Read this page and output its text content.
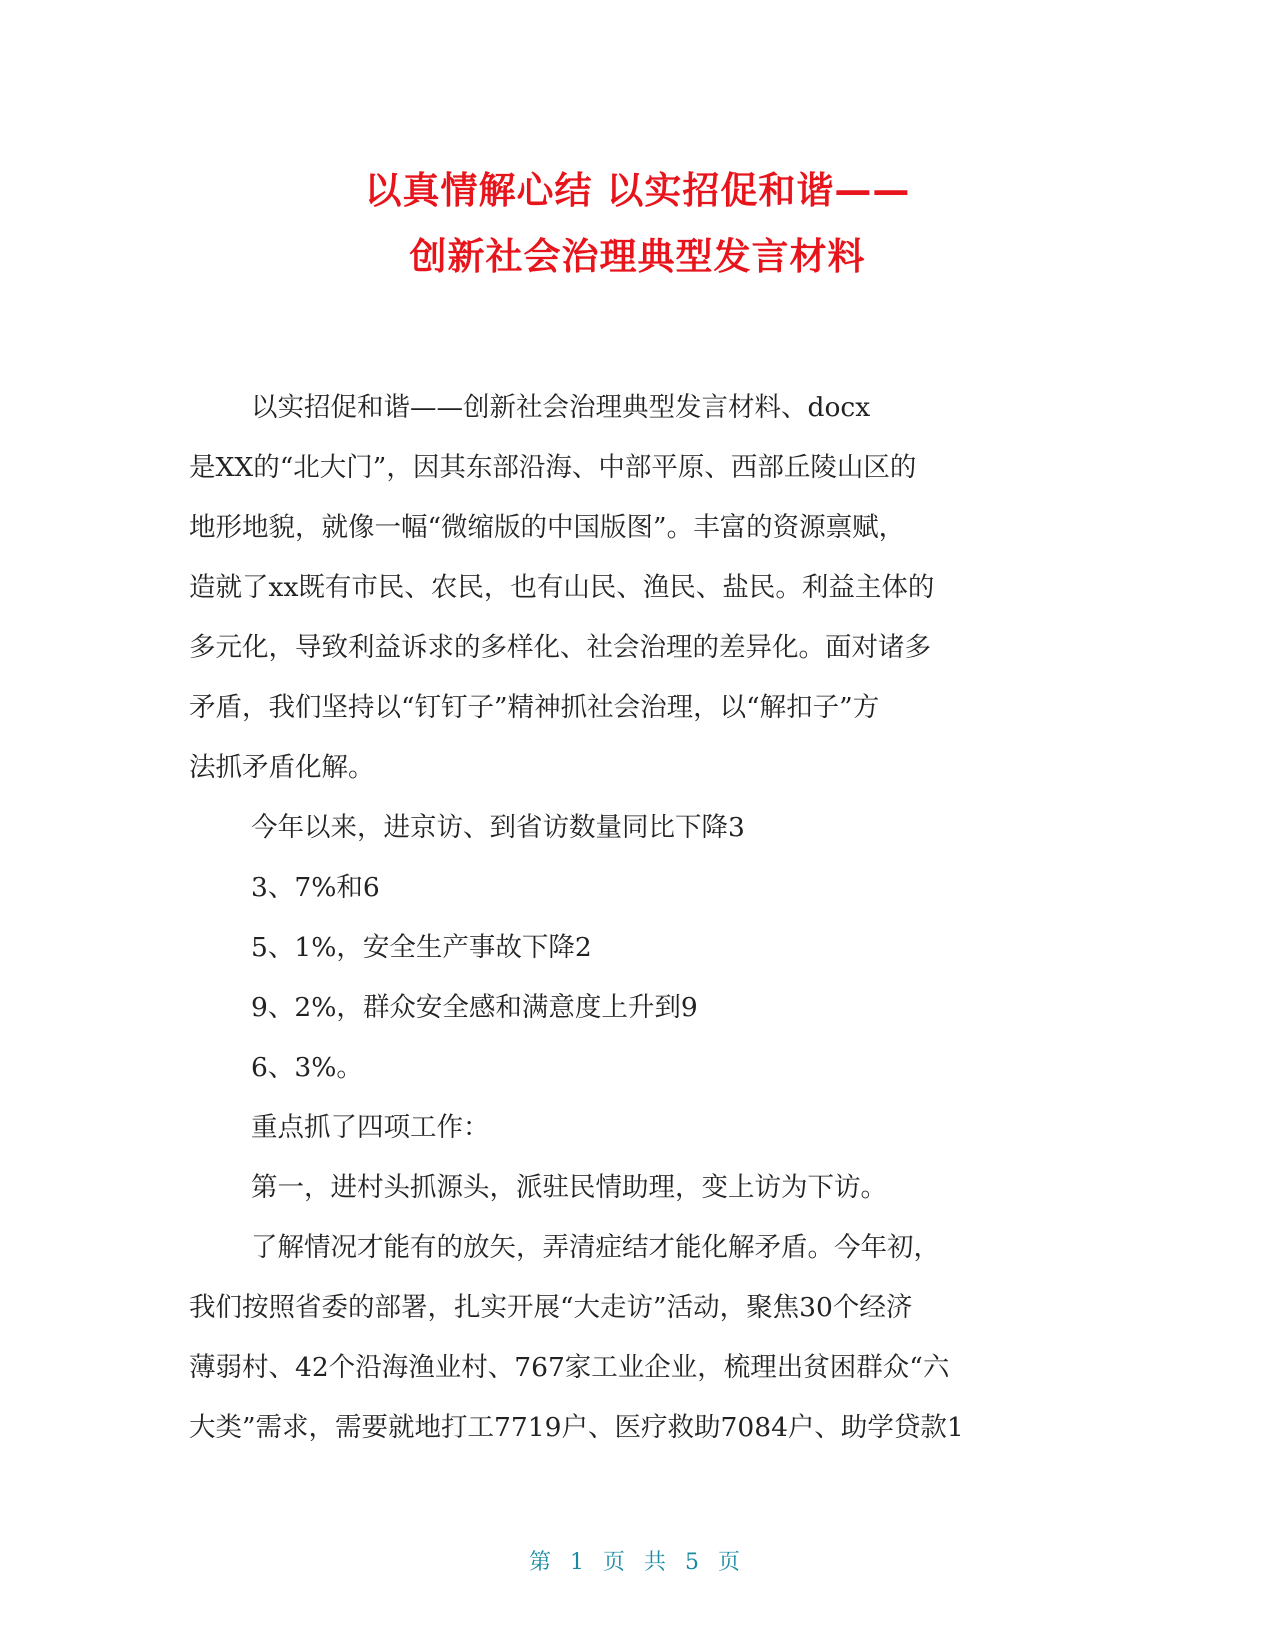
以真情解心结 以实招促和谐——
创新社会治理典型发言材料

以实招促和谐——创新社会治理典型发言材料、docx
是XX的“北大门”，因其东部沿海、中部平原、西部丘陵山区的
地形地貌，就像一幅“微缩版的中国版图”。丰富的资源禀赋，
造就了xx既有市民、农民，也有山民、渔民、盐民。利益主体的
多元化，导致利益诉求的多样化、社会治理的差异化。面对诸多
矛盾，我们坚持以“钉钉子”精神抓社会治理，以“解扣子”方
法抓矛盾化解。

今年以来，进京访、到省访数量同比下降3
3、7%和6
5、1%，安全生产事故下降2
9、2%，群众安全感和满意度上升到9
6、3%。

重点抓了四项工作：

第一，进村头抓源头，派驻民情助理，变上访为下访。

了解情况才能有的放矢，弄清症结才能化解矛盾。今年初，
我们按照省委的部署，扎实开展“大走访”活动，聚焦30个经济
薄弱村、42个沿海渔业村、767家工业企业，梳理出贫困群众“六
大类”需求，需要就地打工7719户、医疗救助7084户、助学贷款1

第 1 页 共 5 页
